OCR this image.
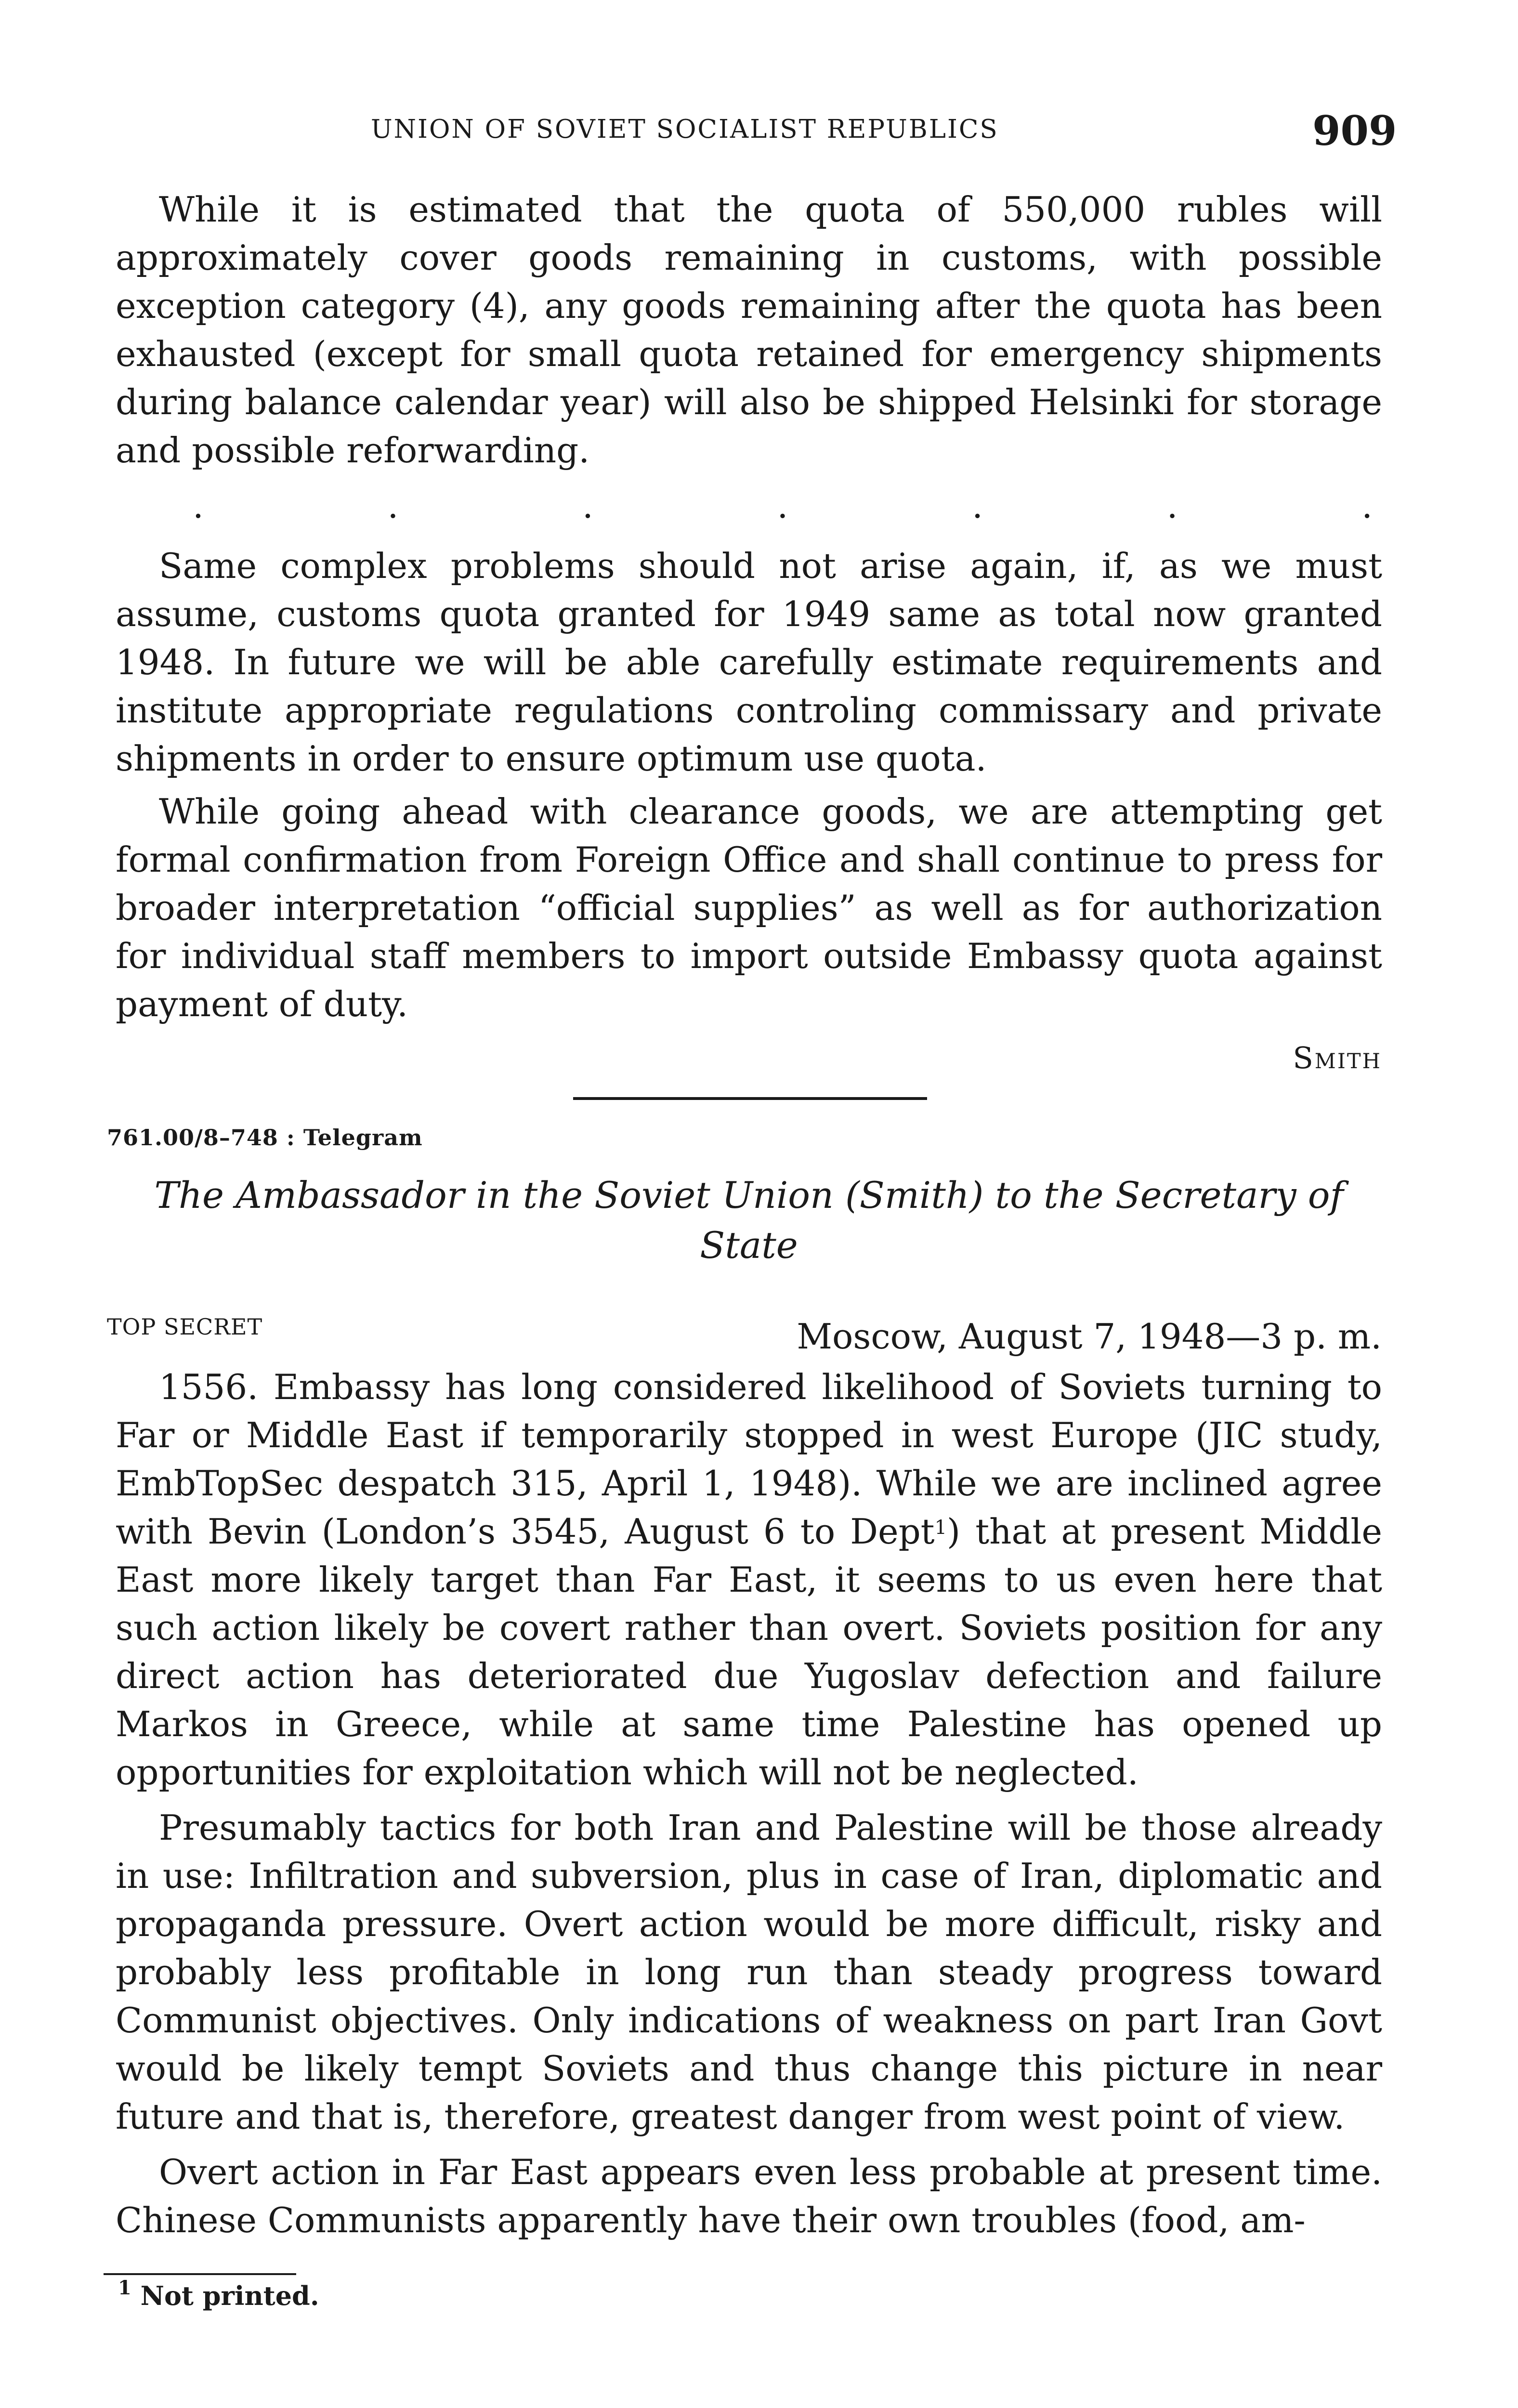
UNION OF SOVIET SOCIALIST REPUBLICS	909

While it is estimated that the quota of 550,000 rubles will approximately cover goods remaining in customs, with possible exception category (4), any goods remaining after the quota has been exhausted (except for small quota retained for emergency shipments during balance calendar year) will also be shipped Helsinki for storage and possible reforwarding.

.	.	.	.	.	.	.

Same complex problems should not arise again, if, as we must assume, customs quota granted for 1949 same as total now granted 1948. In future we will be able carefully estimate requirements and institute appropriate regulations controling commissary and private shipments in order to ensure optimum use quota.

While going ahead with clearance goods, we are attempting get formal confirmation from Foreign Office and shall continue to press for broader interpretation “official supplies” as well as for authorization for individual staff members to import outside Embassy quota against payment of duty.

Smith
761.00/8–748 : Telegram
The Ambassador in the Soviet Union (Smith) to the Secretary of State
TOP SECRET	Moscow, August 7, 1948—3 p. m.

1556. Embassy has long considered likelihood of Soviets turning to Far or Middle East if temporarily stopped in west Europe (JIC study, EmbTopSec despatch 315, April 1, 1948). While we are inclined agree with Bevin (London’s 3545, August 6 to Dept$^1$) that at present Middle East more likely target than Far East, it seems to us even here that such action likely be covert rather than overt. Soviets position for any direct action has deteriorated due Yugoslav defection and failure Markos in Greece, while at same time Palestine has opened up opportunities for exploitation which will not be neglected.

Presumably tactics for both Iran and Palestine will be those already in use: Infiltration and subversion, plus in case of Iran, diplomatic and propaganda pressure. Overt action would be more difficult, risky and probably less profitable in long run than steady progress toward Communist objectives. Only indications of weakness on part Iran Govt would be likely tempt Soviets and thus change this picture in near future and that is, therefore, greatest danger from west point of view.

Overt action in Far East appears even less probable at present time. Chinese Communists apparently have their own troubles (food, am-

$^1$ Not printed.
